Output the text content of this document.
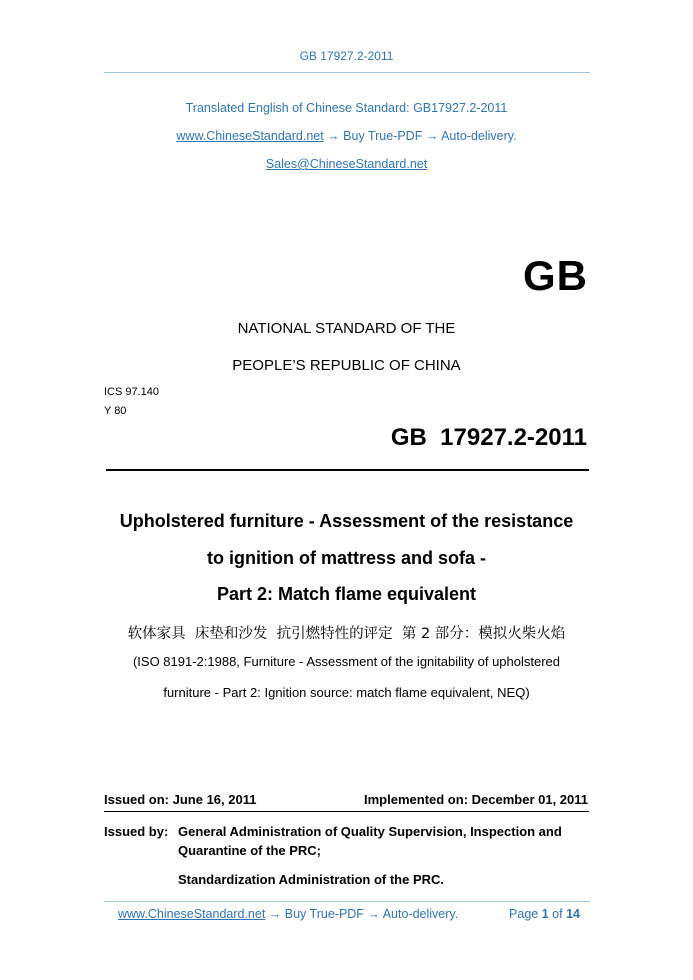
GB 17927.2-2011
Translated English of Chinese Standard: GB17927.2-2011
www.ChineseStandard.net → Buy True-PDF → Auto-delivery.
Sales@ChineseStandard.net
GB
NATIONAL STANDARD OF THE
PEOPLE’S REPUBLIC OF CHINA
ICS 97.140
Y 80
GB  17927.2-2011
Upholstered furniture - Assessment of the resistance
to ignition of mattress and sofa -
Part 2: Match flame equivalent
软体家具  床垫和沙发  抗引燃特性的评定  第 2 部分：模拟火柴火焰
(ISO 8191-2:1988, Furniture - Assessment of the ignitability of upholstered
furniture - Part 2: Ignition source: match flame equivalent, NEQ)
Issued on: June 16, 2011	Implemented on: December 01, 2011
Issued by: General Administration of Quality Supervision, Inspection and
Quarantine of the PRC;
Standardization Administration of the PRC.
www.ChineseStandard.net → Buy True-PDF → Auto-delivery.	Page 1 of 14
